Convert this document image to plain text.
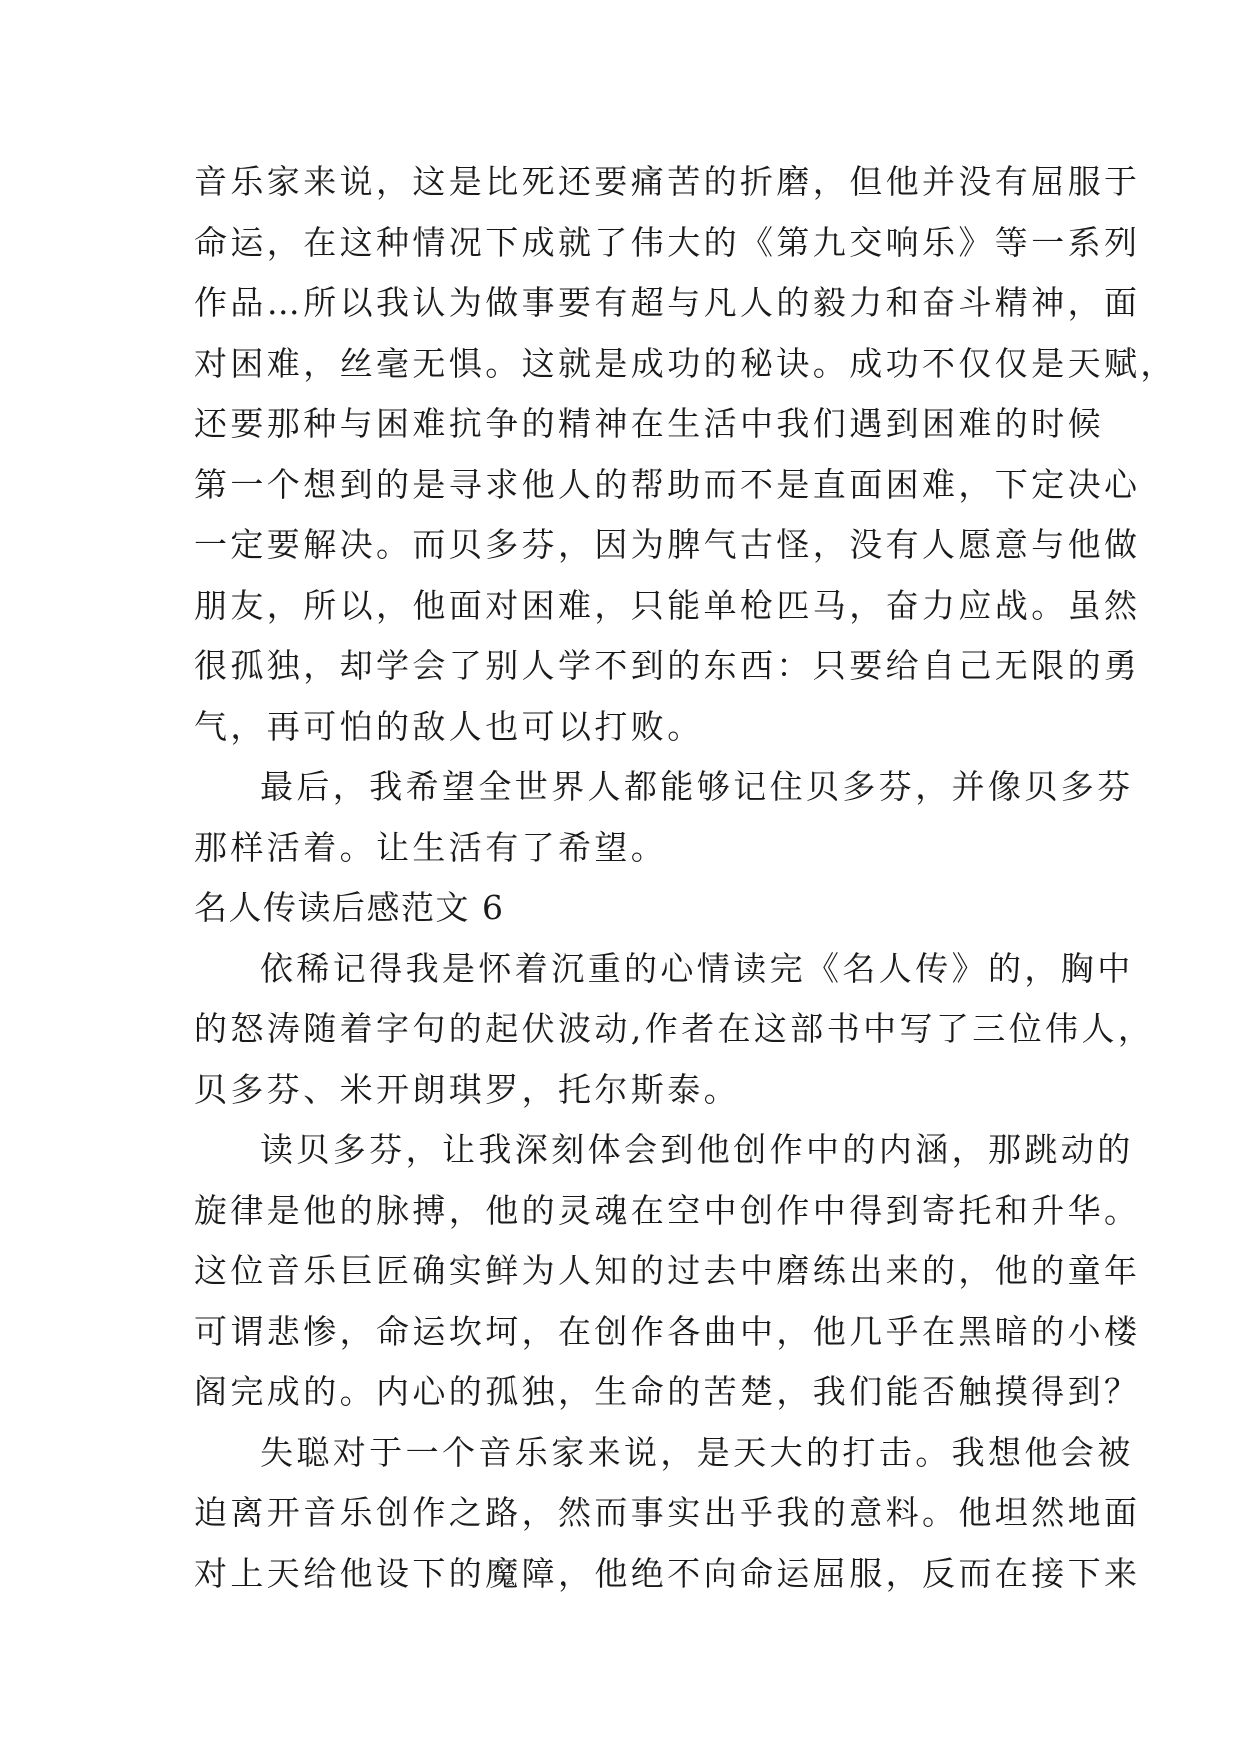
音乐家来说，这是比死还要痛苦的折磨，但他并没有屈服于
命运，在这种情况下成就了伟大的《第九交响乐》等一系列
作品…所以我认为做事要有超与凡人的毅力和奋斗精神，面
对困难，丝毫无惧。这就是成功的秘诀。成功不仅仅是天赋，
还要那种与困难抗争的精神在生活中我们遇到困难的时候
第一个想到的是寻求他人的帮助而不是直面困难，下定决心
一定要解决。而贝多芬，因为脾气古怪，没有人愿意与他做
朋友，所以，他面对困难，只能单枪匹马，奋力应战。虽然
很孤独，却学会了别人学不到的东西：只要给自己无限的勇
气，再可怕的敌人也可以打败。
最后，我希望全世界人都能够记住贝多芬，并像贝多芬
那样活着。让生活有了希望。
名人传读后感范文 6
依稀记得我是怀着沉重的心情读完《名人传》的，胸中
的怒涛随着字句的起伏波动,作者在这部书中写了三位伟人，
贝多芬、米开朗琪罗，托尔斯泰。
读贝多芬，让我深刻体会到他创作中的内涵，那跳动的
旋律是他的脉搏，他的灵魂在空中创作中得到寄托和升华。
这位音乐巨匠确实鲜为人知的过去中磨练出来的，他的童年
可谓悲惨，命运坎坷，在创作各曲中，他几乎在黑暗的小楼
阁完成的。内心的孤独，生命的苦楚，我们能否触摸得到？
失聪对于一个音乐家来说，是天大的打击。我想他会被
迫离开音乐创作之路，然而事实出乎我的意料。他坦然地面
对上天给他设下的魔障，他绝不向命运屈服，反而在接下来
